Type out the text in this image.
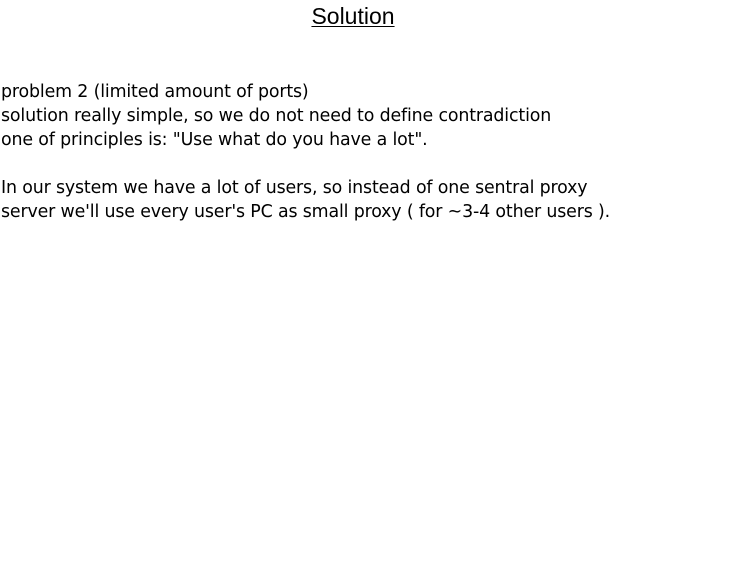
Solution
problem 2 (limited amount of ports)
solution really simple, so we do not need to define contradiction
one of principles is: "Use what do you have a lot".
In our system we have a lot of users, so instead of one sentral proxy
server we'll use every user's PC as small proxy ( for ~3-4 other users ).
